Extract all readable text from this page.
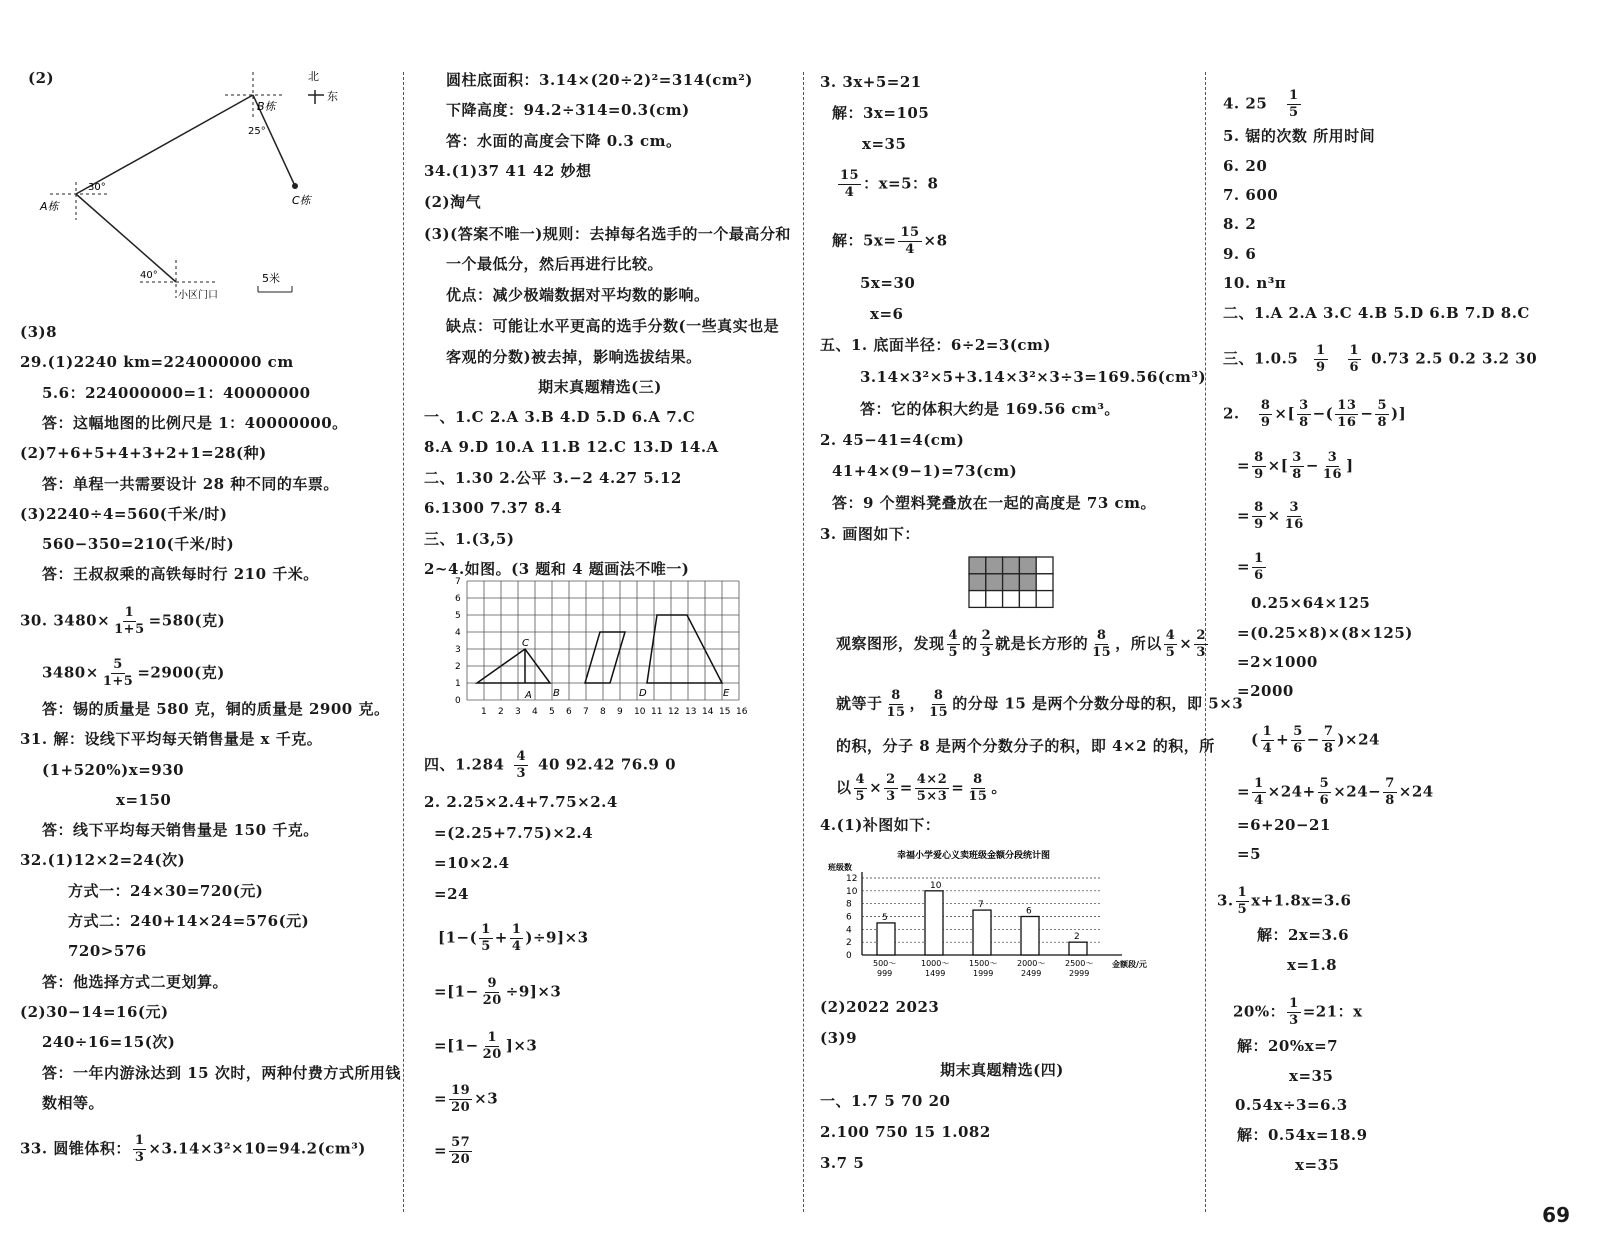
(2)	北
东
B栋
A栋	C栋
小区门口
5米
25°
30°
40°
(3)8
29.(1)2240 km=224000000 cm
5.6：224000000=1：40000000
答：这幅地图的比例尺是 1：40000000。
(2)7+6+5+4+3+2+1=28(种)
答：单程一共需要设计 28 种不同的车票。
(3)2240÷4=560(千米/时)
560−350=210(千米/时)
答：王叔叔乘的高铁每时行 210 千米。
30. $3480\times \frac{1}{1+5} =580$(克)
$3480\times \frac{5}{1+5} =2900$(克)
答：锡的质量是 580 克，铜的质量是 2900 克。
31. 解：设线下平均每天销售量是 x 千克。
(1+520%)x=930
x=150
答：线下平均每天销售量是 150 千克。
32.(1)12×2=24(次)
方式一：24×30=720(元)
方式二：240+14×24=576(元)
720>576
答：他选择方式二更划算。
(2)30−14=16(元)
240÷16=15(次)
答：一年内游泳达到 15 次时，两种付费方式所用钱
数相等。
33. 圆锥体积： $\frac{1}{3} \times 3.14\times 3^2\times 10=94.2(cm^3)$
圆柱底面积：3.14×(20÷2)²=314(cm²)
下降高度：94.2÷314=0.3(cm)
答：水面的高度会下降 0.3 cm。
34.(1)37 41 42 妙想
(2)淘气
(3)(答案不唯一)规则：去掉每名选手的一个最高分和
一个最低分，然后再进行比较。
优点：减少极端数据对平均数的影响。
缺点：可能让水平更高的选手分数(一些真实也是
客观的分数)被去掉，影响选拔结果。
期末真题精选(三)
一、1.C 2.A 3.B 4.D 5.D 6.A 7.C
8.A 9.D 10.A 11.B 12.C 13.D 14.A
二、1.30 2.公平 3.−2 4.27 5.12
6.1300 7.37 8.4
三、1.(3,5)
2~4.如图。(3 题和 4 题画法不唯一)
A B
C
D	E
1 2 3 4 5 6 7 8 9 10 11 12 13 14 15 16
0
1
2
3
4
5
6
7
四、$1.284 \frac{4}{3} 40$ 92.42 76.9 0
2. 2.25×2.4+7.75×2.4
=(2.25+7.75)×2.4
=10×2.4
=24
$[1-( \frac{1}{5} + \frac{1}{4} )\div 9]\times 3$
$=[1- \frac{9}{20} \div 9]\times 3$
$=[1- \frac{1}{20} ]\times 3$
= $\frac{19}{20} \times 3$
= $\frac{57}{20}$
3. 3x+5=21
解：3x=105
x=35
$\frac{15}{4}$ ：x=5：8
解：$5x= \frac{15}{4} \times 8$
5x=30
x=6
五、1. 底面半径：6÷2=3(cm)
3.14×3²×5+3.14×3²×3÷3=169.56(cm³)
答：它的体积大约是 169.56 cm³。
2. 45−41=4(cm)
41+4×(9−1)=73(cm)
答：9 个塑料凳叠放在一起的高度是 73 cm。
3. 画图如下：
观察图形，发现 $\frac{4}{5}$ 的 $\frac{2}{3}$ 就是长方形的 $\frac{8}{15}$ ，所以 $\frac{4}{5} \times \frac{2}{3}$
就等于 $\frac{8}{15}$ ， $\frac{8}{15}$ 的分母 15 是两个分数分母的积，即 5×3
的积，分子 8 是两个分数分子的积，即 4×2 的积，所
以 $\frac{4}{5} \times \frac{2}{3} = \frac{4\times 2}{5\times 3} = \frac{8}{15}$ 。
4.(1)补图如下：
幸福小学爱心义卖班级金额分段统计图
班级数
金额段/元
5
10
7
6
2
0
2
4
6
8
10
12
500～
999
1000～
1499
1500～
1999
2000～
2499
2500～
2999
(2)2022 2023
(3)9
期末真题精选(四)
一、1.7 5 70 20
2.100 750 15 1.082
3.7 5
4. $25 \frac{1}{5}$
5. 锯的次数 所用时间
6. 20
7. 600
8. 2
9. 6
10. n³π
二、1.A 2.A 3.C 4.B 5.D 6.B 7.D 8.C
三、$1.0.5 \frac{1}{9} \frac{1}{6} 0.73$ 2.5 0.2 3.2 30
2. $\frac{8}{9}$ ×[ $\frac{3}{8}$ −( $\frac{13}{16} - \frac{5}{8}$ )]
= $\frac{8}{9}$ ×[ $\frac{3}{8} - \frac{3}{16}$ ]
= $\frac{8}{9} \times \frac{3}{16}$
= $\frac{1}{6}$
0.25×64×125
=(0.25×8)×(8×125)
=2×1000
=2000
( $\frac{1}{4} + \frac{5}{6} - \frac{7}{8} )\times 24$
= $\frac{1}{4} \times 24+ \frac{5}{6} \times 24- \frac{7}{8} \times 24$
=6+20−21
=5
3. $\frac{1}{5} x+1.8x=3.6$
解：2x=3.6
x=1.8
20%： $\frac{1}{3} =21$：x
解：20%x=7
x=35
0.54x÷3=6.3
解：0.54x=18.9
x=35
69
